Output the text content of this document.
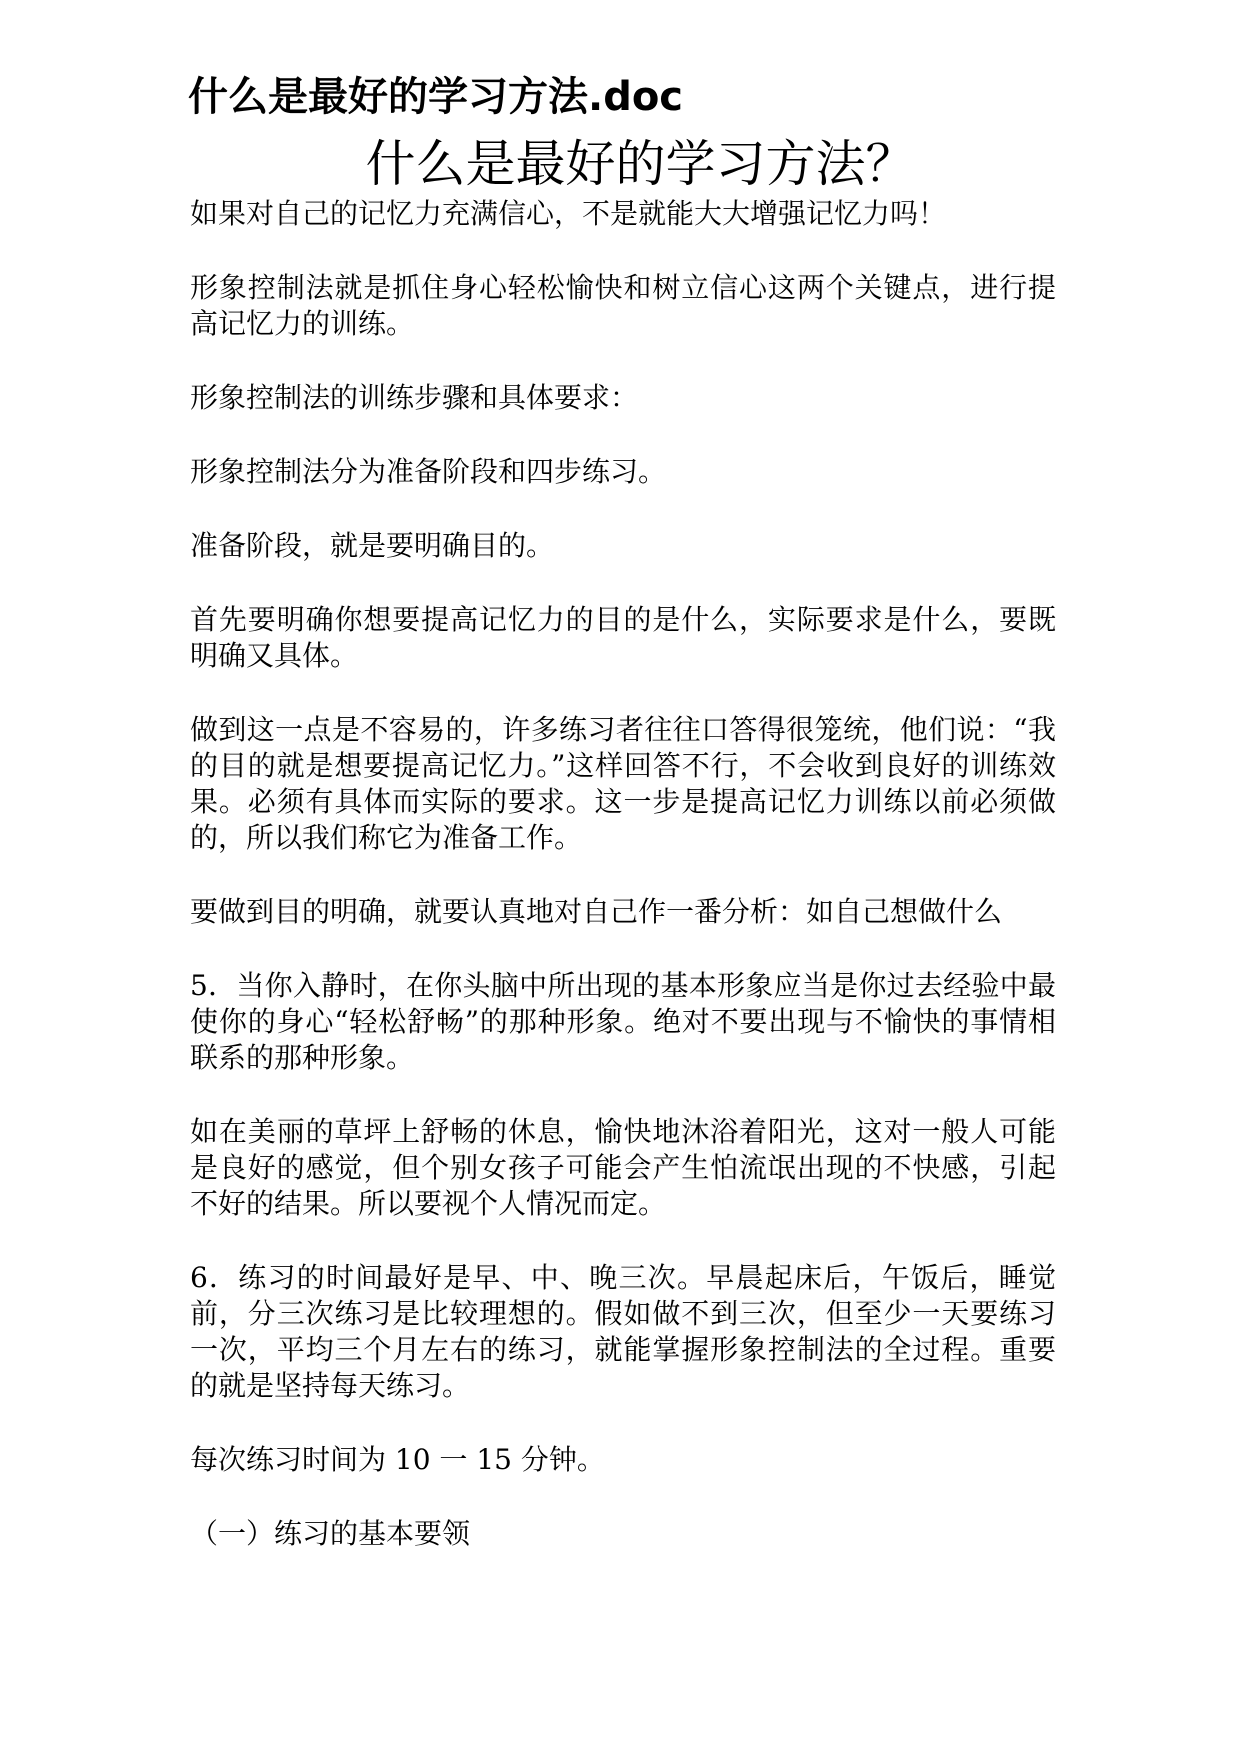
什么是最好的学习方法.doc
什么是最好的学习方法？

如果对自己的记忆力充满信心，不是就能大大增强记忆力吗！

形象控制法就是抓住身心轻松愉快和树立信心这两个关键点，进行提高记忆力的训练。

形象控制法的训练步骤和具体要求：

形象控制法分为准备阶段和四步练习。

准备阶段，就是要明确目的。

首先要明确你想要提高记忆力的目的是什么，实际要求是什么，要既明确又具体。

做到这一点是不容易的，许多练习者往往口答得很笼统，他们说：“我的目的就是想要提高记忆力。”这样回答不行，不会收到良好的训练效果。必须有具体而实际的要求。这一步是提高记忆力训练以前必须做的，所以我们称它为准备工作。

要做到目的明确，就要认真地对自己作一番分析：如自己想做什么

5．当你入静时，在你头脑中所出现的基本形象应当是你过去经验中最使你的身心“轻松舒畅”的那种形象。绝对不要出现与不愉快的事情相联系的那种形象。

如在美丽的草坪上舒畅的休息，愉快地沐浴着阳光，这对一般人可能是良好的感觉，但个别女孩子可能会产生怕流氓出现的不快感，引起不好的结果。所以要视个人情况而定。

6．练习的时间最好是早、中、晚三次。早晨起床后，午饭后，睡觉前，分三次练习是比较理想的。假如做不到三次，但至少一天要练习一次，平均三个月左右的练习，就能掌握形象控制法的全过程。重要的就是坚持每天练习。

每次练习时间为 10 一 15 分钟。

（一）练习的基本要领
